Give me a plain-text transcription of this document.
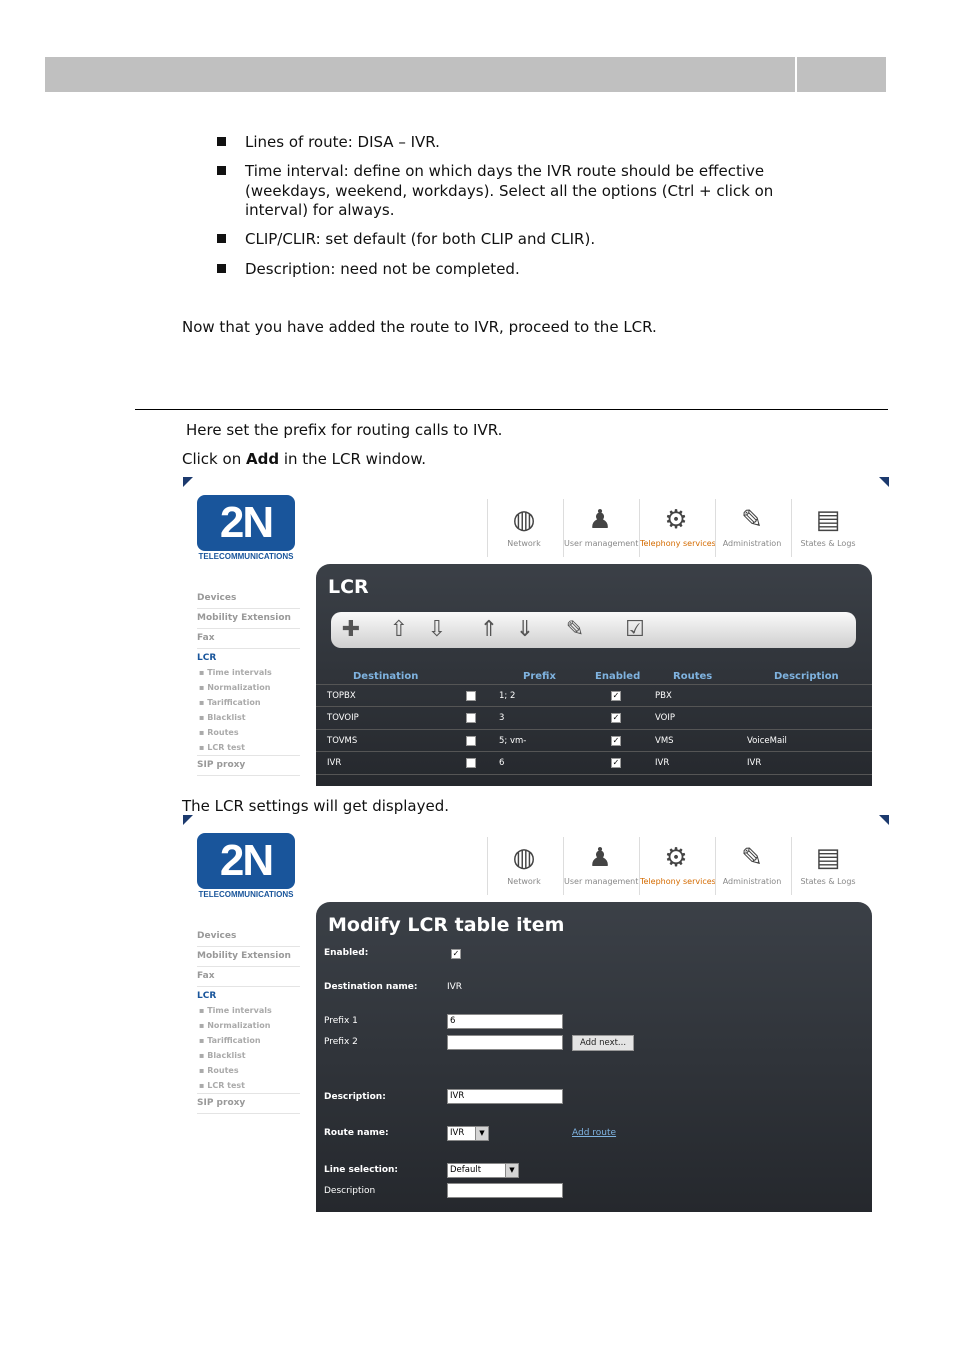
Lines of route: DISA – IVR.
Time interval: define on which days the IVR route should be effective (weekdays, weekend, workdays). Select all the options (Ctrl + click on interval) for always.
CLIP/CLIR: set default (for both CLIP and CLIR).
Description: need not be completed.
Now that you have added the route to IVR, proceed to the LCR.
Here set the prefix for routing calls to IVR.
Click on Add in the LCR window.
2N
TELECOMMUNICATIONS
◍
Network
♟
User management
⚙
Telephony services
✎
Administration
▤
States & Logs
Devices
Mobility Extension
Fax
LCR
▪ Time intervals
▪ Normalization
▪ Tariffication
▪ Blacklist
▪ Routes
▪ LCR test
SIP proxy
LCR
✚ ⇧ ⇩ ⇑ ⇓ ✎ ☑
Destination	Prefix	Enabled	Routes	Description
TOPBX	1; 2	✓	PBX
TOVOIP	3	✓	VOIP
TOVMS	5; vm-	✓	VMS	VoiceMail
IVR	6	✓	IVR	IVR
The LCR settings will get displayed.
2N
TELECOMMUNICATIONS
◍
Network
♟
User management
⚙
Telephony services
✎
Administration
▤
States & Logs
Devices
Mobility Extension
Fax
LCR
▪ Time intervals
▪ Normalization
▪ Tariffication
▪ Blacklist
▪ Routes
▪ LCR test
SIP proxy
Modify LCR table item
Enabled:	✓
Destination name:	IVR
Prefix 1	6
Prefix 2	Add next...
Description:	IVR
Route name:	IVR	▼	Add route
Line selection:	Default	▼
Description
